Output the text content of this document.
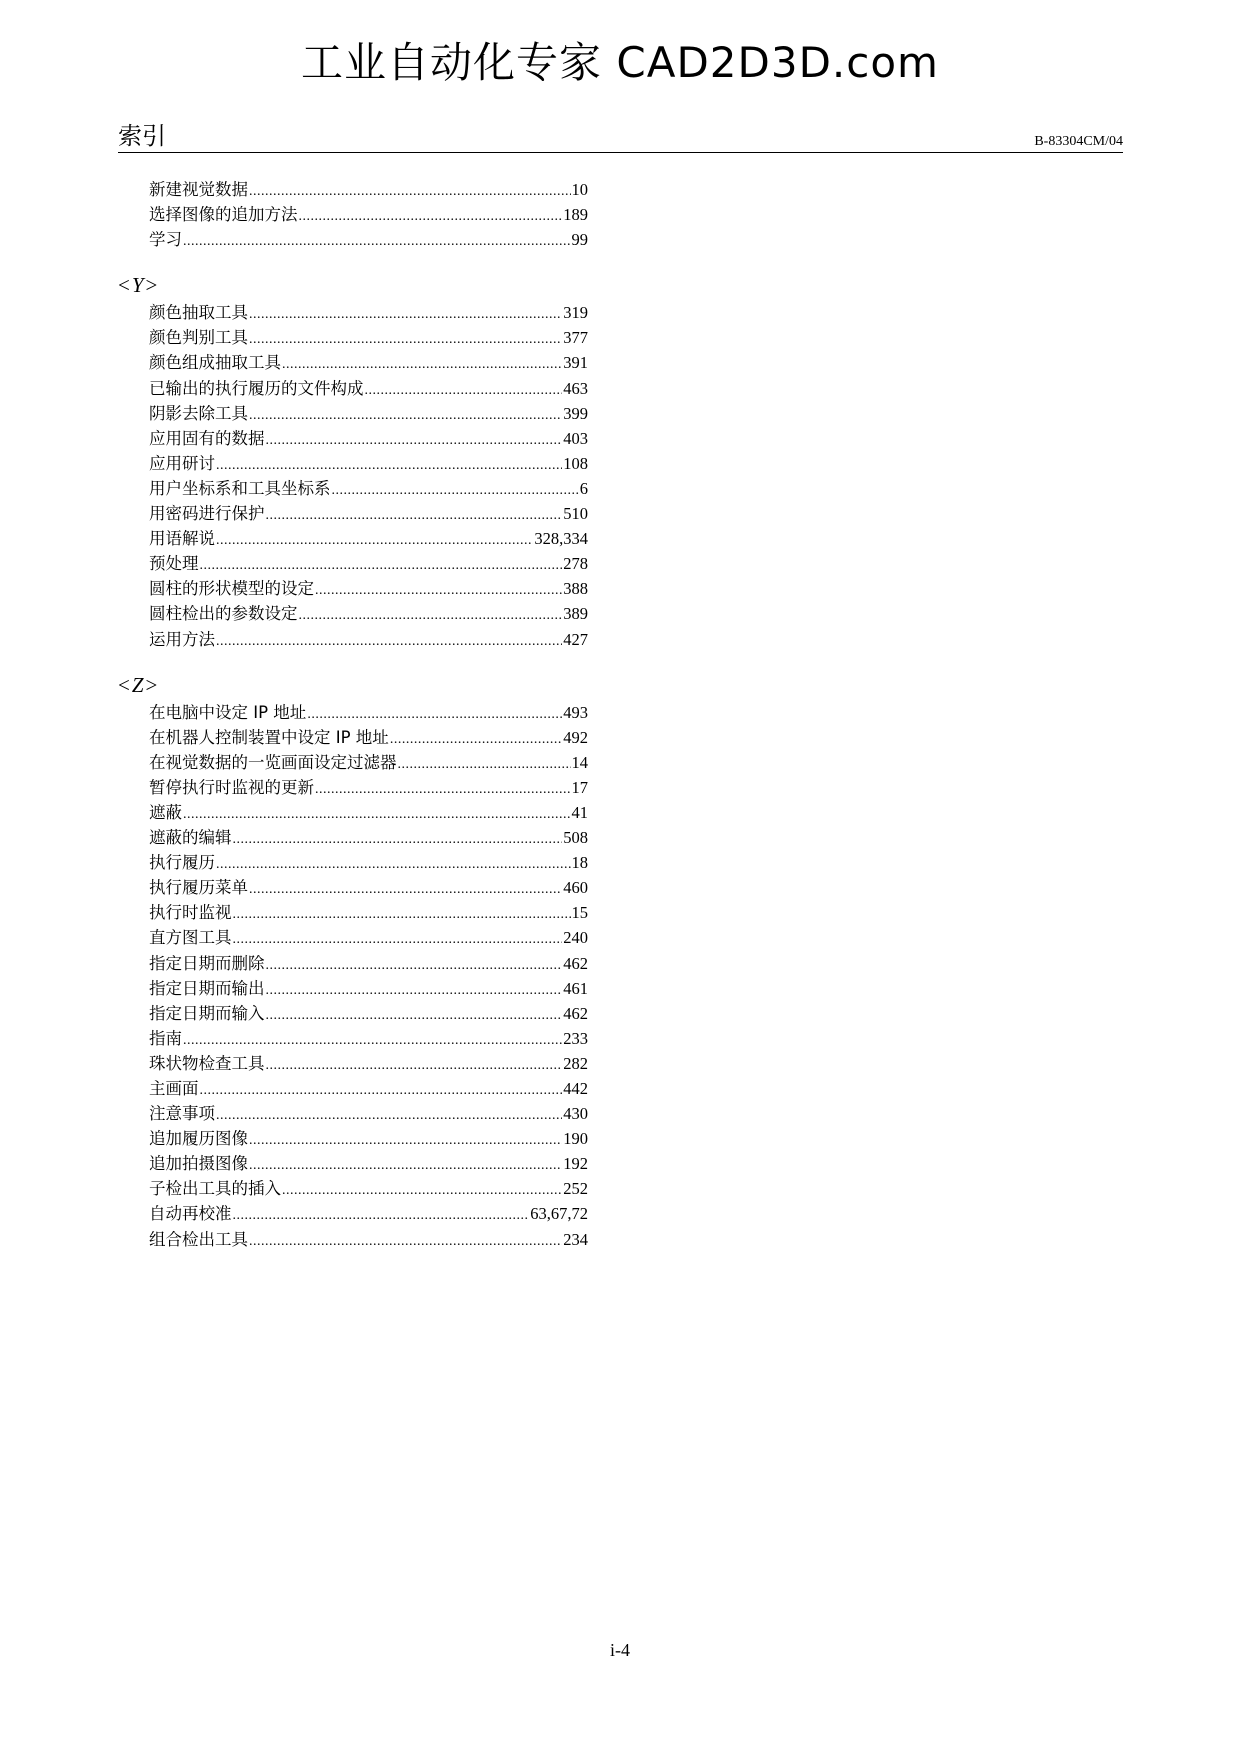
工业自动化专家 CAD2D3D.com
索引	B-83304CM/04
新建视觉数据 .....	10
选择图像的追加方法 .....	189
学习 .....	99
<Y>
颜色抽取工具 .....	319
颜色判别工具 .....	377
颜色组成抽取工具 .....	391
已输出的执行履历的文件构成 .....	463
阴影去除工具 .....	399
应用固有的数据 .....	403
应用研讨 .....	108
用户坐标系和工具坐标系 .....	6
用密码进行保护 .....	510
用语解说 .....	328,334
预处理 .....	278
圆柱的形状模型的设定 .....	388
圆柱检出的参数设定 .....	389
运用方法 .....	427
<Z>
在电脑中设定 IP 地址 .....	493
在机器人控制装置中设定 IP 地址 .....	492
在视觉数据的一览画面设定过滤器 .....	14
暂停执行时监视的更新 .....	17
遮蔽 .....	41
遮蔽的编辑 .....	508
执行履历 .....	18
执行履历菜单 .....	460
执行时监视 .....	15
直方图工具 .....	240
指定日期而删除 .....	462
指定日期而输出 .....	461
指定日期而输入 .....	462
指南 .....	233
珠状物检查工具 .....	282
主画面 .....	442
注意事项 .....	430
追加履历图像 .....	190
追加拍摄图像 .....	192
子检出工具的插入 .....	252
自动再校准 .....	63,67,72
组合检出工具 .....	234
i-4
